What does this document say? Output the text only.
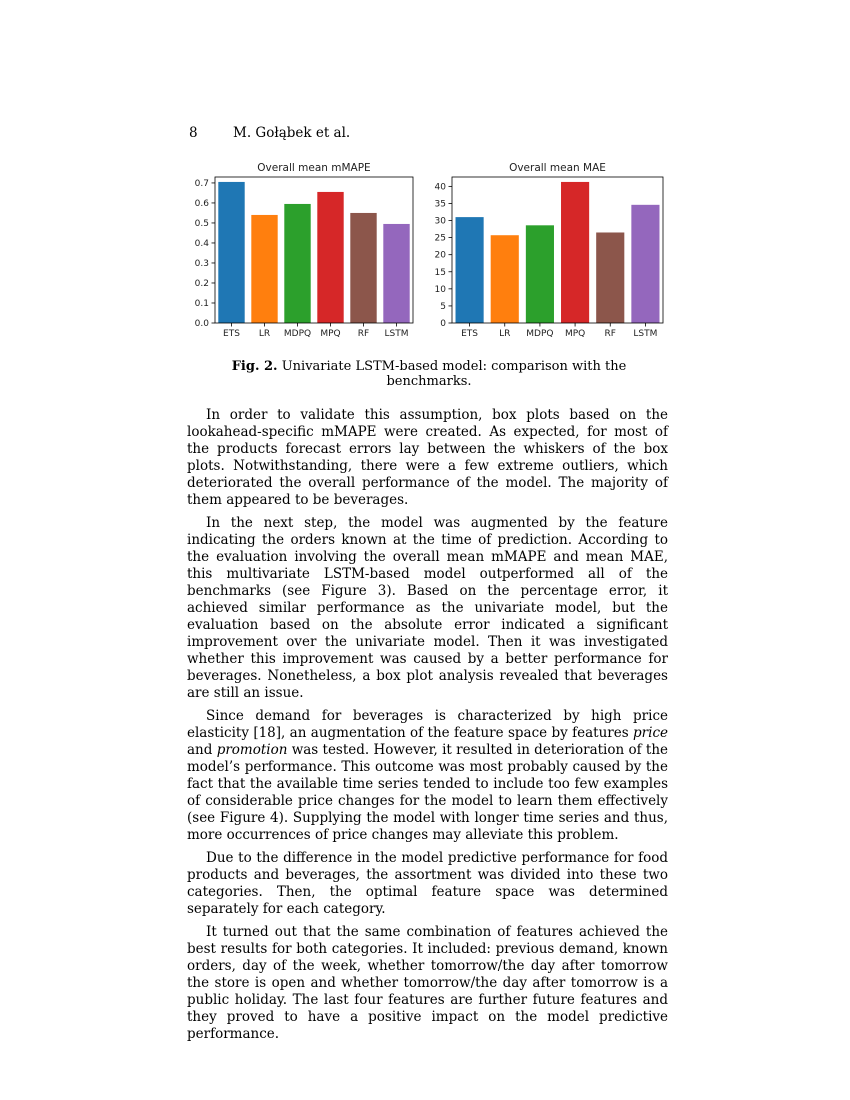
8	M. Gołąbek et al.
Overall mean mMAPE
ETS LR MDPQ MPQ RF LSTM
0.0
0.1
0.2
0.3
0.4
0.5
0.6
0.7
Overall mean MAE
ETS LR MDPQ MPQ RF LSTM
0
5
10
15
20
25
30
35
40
Fig. 2. Univariate LSTM-based model: comparison with the benchmarks.

In order to validate this assumption, box plots based on the lookahead-specific mMAPE were created. As expected, for most of the products forecast errors lay between the whiskers of the box plots. Notwithstanding, there were a few extreme outliers, which deteriorated the overall performance of the model. The majority of them appeared to be beverages.

In the next step, the model was augmented by the feature indicating the orders known at the time of prediction. According to the evaluation involving the overall mean mMAPE and mean MAE, this multivariate LSTM-based model outperformed all of the benchmarks (see Figure 3). Based on the percentage error, it achieved similar performance as the univariate model, but the evaluation based on the absolute error indicated a significant improvement over the univariate model. Then it was investigated whether this improvement was caused by a better performance for beverages. Nonetheless, a box plot analysis revealed that beverages are still an issue.

Since demand for beverages is characterized by high price elasticity [18], an augmentation of the feature space by features price and promotion was tested. However, it resulted in deterioration of the model’s performance. This outcome was most probably caused by the fact that the available time series tended to include too few examples of considerable price changes for the model to learn them effectively (see Figure 4). Supplying the model with longer time series and thus, more occurrences of price changes may alleviate this problem.

Due to the difference in the model predictive performance for food products and beverages, the assortment was divided into these two categories. Then, the optimal feature space was determined separately for each category.

It turned out that the same combination of features achieved the best results for both categories. It included: previous demand, known orders, day of the week, whether tomorrow/the day after tomorrow the store is open and whether tomorrow/the day after tomorrow is a public holiday. The last four features are further future features and they proved to have a positive impact on the model predictive performance.
